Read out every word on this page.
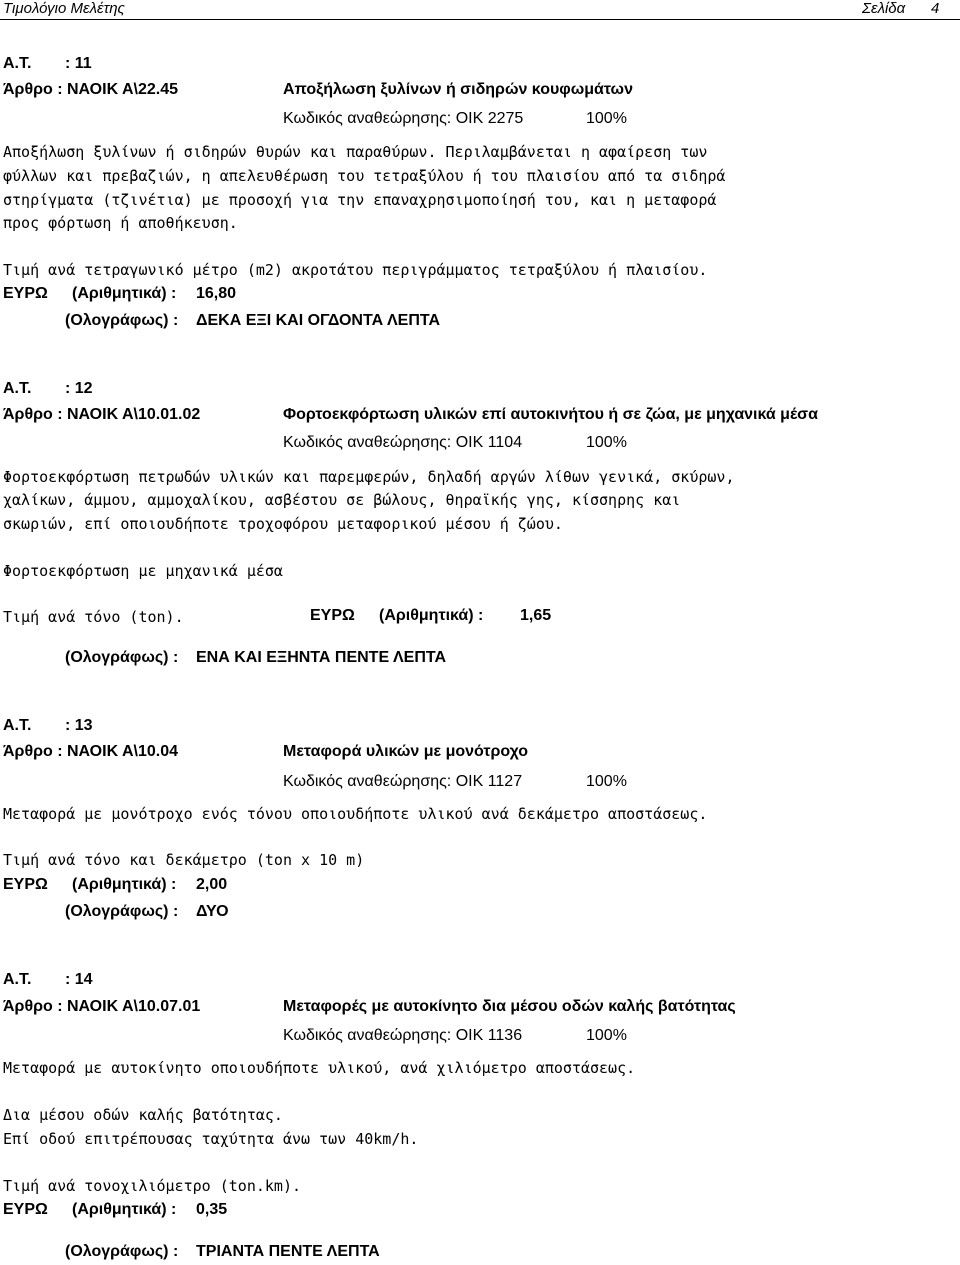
Τιμολόγιο Μελέτης	Σελίδα 4
Α.Τ. : 11
Άρθρο : ΝΑΟΙΚ Α\22.45	Αποξήλωση ξυλίνων ή σιδηρών κουφωμάτων
Κωδικός αναθεώρησης: ΟΙΚ 2275	100%
Αποξήλωση ξυλίνων ή σιδηρών θυρών και παραθύρων. Περιλαμβάνεται η αφαίρεση των
φύλλων και πρεβαζιών, η απελευθέρωση του τετραξύλου ή του πλαισίου από τα σιδηρά
στηρίγματα (τζινέτια) με προσοχή για την επαναχρησιμοποίησή του, και η μεταφορά
προς φόρτωση ή αποθήκευση.
Τιμή ανά τετραγωνικό μέτρο (m2) ακροτάτου περιγράμματος τετραξύλου ή πλαισίου.
ΕΥΡΩ (Αριθμητικά) : 16,80
(Ολογράφως) : ΔΕΚΑ ΕΞΙ ΚΑΙ ΟΓΔΟΝΤΑ ΛΕΠΤΑ
Α.Τ. : 12
Άρθρο : ΝΑΟΙΚ Α\10.01.02	Φορτοεκφόρτωση υλικών επί αυτοκινήτου ή σε ζώα, με μηχανικά μέσα
Κωδικός αναθεώρησης: ΟΙΚ 1104	100%
Φορτοεκφόρτωση πετρωδών υλικών και παρεμφερών, δηλαδή αργών λίθων γενικά, σκύρων,
χαλίκων, άμμου, αμμοχαλίκου, ασβέστου σε βώλους, θηραϊκής γης, κίσσηρης και
σκωριών, επί οποιουδήποτε τροχοφόρου μεταφορικού μέσου ή ζώου.
Φορτοεκφόρτωση με μηχανικά μέσα
Τιμή ανά τόνο (ton).	ΕΥΡΩ (Αριθμητικά) : 1,65
(Ολογράφως) : ΕΝΑ ΚΑΙ ΕΞΗΝΤΑ ΠΕΝΤΕ ΛΕΠΤΑ
Α.Τ. : 13
Άρθρο : ΝΑΟΙΚ Α\10.04	Μεταφορά υλικών με μονότροχο
Κωδικός αναθεώρησης: ΟΙΚ 1127	100%
Μεταφορά με μονότροχο ενός τόνου οποιουδήποτε υλικού ανά δεκάμετρο αποστάσεως.
Τιμή ανά τόνο και δεκάμετρο (ton x 10 m)
ΕΥΡΩ (Αριθμητικά) : 2,00
(Ολογράφως) : ΔΥΟ
Α.Τ. : 14
Άρθρο : ΝΑΟΙΚ Α\10.07.01	Μεταφορές με αυτοκίνητο δια μέσου οδών καλής βατότητας
Κωδικός αναθεώρησης: ΟΙΚ 1136	100%
Μεταφορά με αυτοκίνητο οποιουδήποτε υλικού, ανά χιλιόμετρο αποστάσεως.
Δια μέσου οδών καλής βατότητας.
Επί οδού επιτρέπουσας ταχύτητα άνω των 40km/h.
Τιμή ανά τονοχιλιόμετρο (ton.km).
ΕΥΡΩ (Αριθμητικά) : 0,35
(Ολογράφως) : ΤΡΙΑΝΤΑ ΠΕΝΤΕ ΛΕΠΤΑ
